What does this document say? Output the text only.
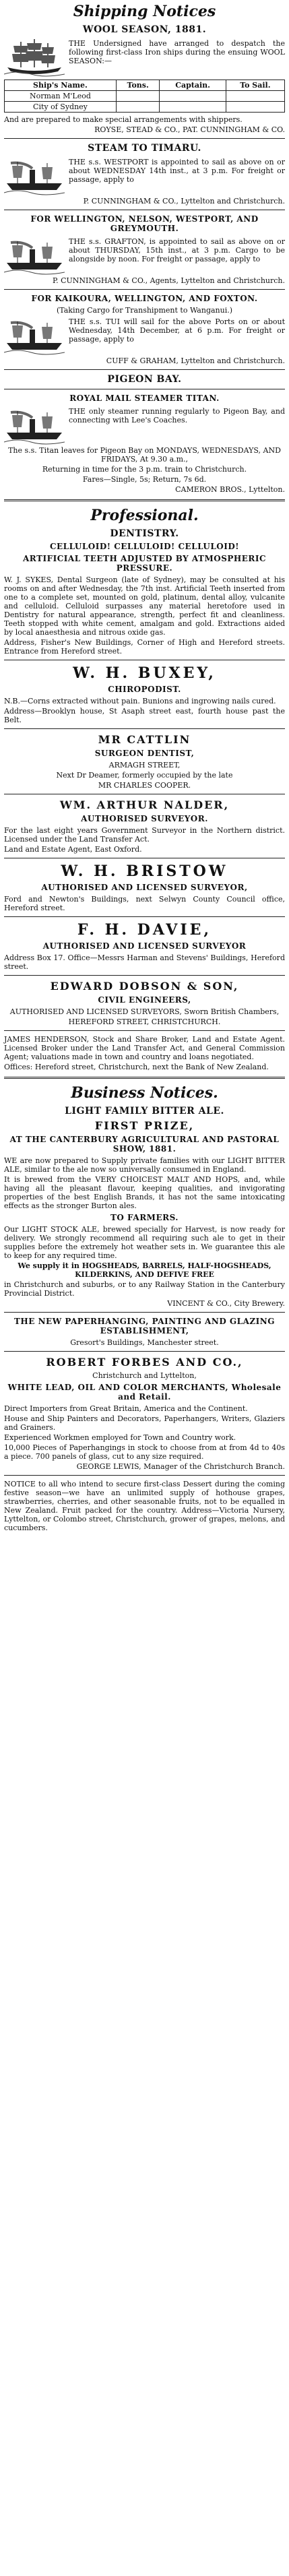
Shipping Notices
WOOL SEASON, 1881.

THE Undersigned have arranged to despatch the following first-class Iron ships during the ensuing WOOL SEASON:—

Ship's Name.	Tons.	Captain.	To Sail.
Norman M'Leod			
City of Sydney			

And are prepared to make special arrangements with shippers.

ROYSE, STEAD & CO., PAT. CUNNINGHAM & CO.

STEAM TO TIMARU.

THE s.s. WESTPORT is appointed to sail as above on or about WEDNESDAY 14th inst., at 3 p.m. For freight or passage, apply to

P. CUNNINGHAM & CO., Lyttelton and Christchurch.

FOR WELLINGTON, NELSON, WESTPORT, AND GREYMOUTH.

THE s.s. GRAFTON, is appointed to sail as above on or about THURSDAY, 15th inst., at 3 p.m. Cargo to be alongside by noon. For freight or passage, apply to

P. CUNNINGHAM & CO., Agents, Lyttelton and Christchurch.

FOR KAIKOURA, WELLINGTON, AND FOXTON.

(Taking Cargo for Transhipment to Wanganui.)

THE s.s. TUI will sail for the above Ports on or about Wednesday, 14th December, at 6 p.m. For freight or passage, apply to

CUFF & GRAHAM, Lyttelton and Christchurch.

PIGEON BAY.
ROYAL MAIL STEAMER TITAN.

THE only steamer running regularly to Pigeon Bay, and connecting with Lee's Coaches.

The s.s. Titan leaves for Pigeon Bay on MONDAYS, WEDNESDAYS, AND FRIDAYS, At 9.30 a.m.,

Returning in time for the 3 p.m. train to Christchurch.

Fares—Single, 5s; Return, 7s 6d.

CAMERON BROS., Lyttelton.

Professional.
DENTISTRY.
CELLULOID! CELLULOID! CELLULOID!
ARTIFICIAL TEETH ADJUSTED BY ATMOSPHERIC PRESSURE.

W. J. SYKES, Dental Surgeon (late of Sydney), may be consulted at his rooms on and after Wednesday, the 7th inst. Artificial Teeth inserted from one to a complete set, mounted on gold, platinum, dental alloy, vulcanite and celluloid. Celluloid surpasses any material heretofore used in Dentistry for natural appearance, strength, perfect fit and cleanliness. Teeth stopped with white cement, amalgam and gold. Extractions aided by local anaesthesia and nitrous oxide gas.

Address, Fisher's New Buildings, Corner of High and Hereford streets. Entrance from Hereford street.

W. H. BUXEY,
CHIROPODIST.

N.B.—Corns extracted without pain. Bunions and ingrowing nails cured.

Address—Brooklyn house, St Asaph street east, fourth house past the Belt.

MR CATTLIN
SURGEON DENTIST,

ARMAGH STREET,

Next Dr Deamer, formerly occupied by the late

MR CHARLES COOPER.

WM. ARTHUR NALDER,
AUTHORISED SURVEYOR.

For the last eight years Government Surveyor in the Northern district. Licensed under the Land Transfer Act.

Land and Estate Agent, East Oxford.

W. H. BRISTOW
AUTHORISED AND LICENSED SURVEYOR,

Ford and Newton's Buildings, next Selwyn County Council office, Hereford street.

F. H. DAVIE,
AUTHORISED AND LICENSED SURVEYOR

Address Box 17. Office—Messrs Harman and Stevens' Buildings, Hereford street.

EDWARD DOBSON & SON,
CIVIL ENGINEERS,

AUTHORISED AND LICENSED SURVEYORS, Sworn British Chambers,

HEREFORD STREET, CHRISTCHURCH.

JAMES HENDERSON, Stock and Share Broker, Land and Estate Agent. Licensed Broker under the Land Transfer Act, and General Commission Agent; valuations made in town and country and loans negotiated.

Offices: Hereford street, Christchurch, next the Bank of New Zealand.

Business Notices.
LIGHT FAMILY BITTER ALE.
FIRST PRIZE,
AT THE CANTERBURY AGRICULTURAL AND PASTORAL SHOW, 1881.

WE are now prepared to Supply private families with our LIGHT BITTER ALE, similar to the ale now so universally consumed in England.

It is brewed from the VERY CHOICEST MALT AND HOPS, and, while having all the pleasant flavour, keeping qualities, and invigorating properties of the best English Brands, it has not the same intoxicating effects as the stronger Burton ales.

TO FARMERS.

Our LIGHT STOCK ALE, brewed specially for Harvest, is now ready for delivery. We strongly recommend all requiring such ale to get in their supplies before the extremely hot weather sets in. We guarantee this ale to keep for any required time.

We supply it in HOGSHEADS, BARRELS, HALF-HOGSHEADS, KILDERKINS, AND DEFIVE FREE

in Christchurch and suburbs, or to any Railway Station in the Canterbury Provincial District.

VINCENT & CO., City Brewery.

THE NEW PAPERHANGING, PAINTING AND GLAZING ESTABLISHMENT,

Gresort's Buildings, Manchester street.

ROBERT FORBES AND CO.,

Christchurch and Lyttelton,

WHITE LEAD, OIL AND COLOR MERCHANTS, Wholesale and Retail.

Direct Importers from Great Britain, America and the Continent.

House and Ship Painters and Decorators, Paperhangers, Writers, Glaziers and Grainers.

Experienced Workmen employed for Town and Country work.

10,000 Pieces of Paperhangings in stock to choose from at from 4d to 40s a piece. 700 panels of glass, cut to any size required.

GEORGE LEWIS, Manager of the Christchurch Branch.

NOTICE to all who intend to secure first-class Dessert during the coming festive season—we have an unlimited supply of hothouse grapes, strawberries, cherries, and other seasonable fruits, not to be equalled in New Zealand. Fruit packed for the country. Address—Victoria Nursery, Lyttelton, or Colombo street, Christchurch, grower of grapes, melons, and cucumbers.
